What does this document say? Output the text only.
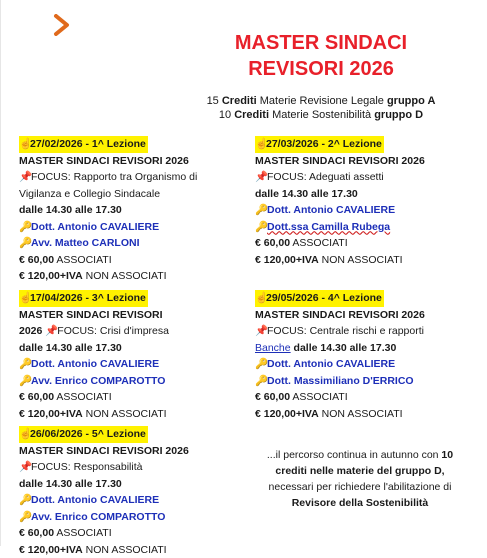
MASTER SINDACI
REVISORI 2026
15 Crediti Materie Revisione Legale gruppo A
10 Crediti Materie Sostenibilità gruppo D
☝27/02/2026 - 1^ Lezione
MASTER SINDACI REVISORI 2026
📌FOCUS: Rapporto tra Organismo di Vigilanza e Collegio Sindacale
dalle 14.30 alle 17.30
🔑Dott. Antonio CAVALIERE
🔑Avv. Matteo CARLONI
€ 60,00 ASSOCIATI
€ 120,00+IVA NON ASSOCIATI
☝27/03/2026 - 2^ Lezione
MASTER SINDACI REVISORI 2026
📌FOCUS: Adeguati assetti
dalle 14.30 alle 17.30
🔑Dott. Antonio CAVALIERE
🔑Dott.ssa Camilla Rubega
€ 60,00 ASSOCIATI
€ 120,00+IVA NON ASSOCIATI
☝17/04/2026 - 3^ Lezione
MASTER SINDACI REVISORI
2026 📌FOCUS: Crisi d'impresa
dalle 14.30 alle 17.30
🔑Dott. Antonio CAVALIERE
🔑Avv. Enrico COMPAROTTO
€ 60,00 ASSOCIATI
€ 120,00+IVA NON ASSOCIATI
☝29/05/2026 - 4^ Lezione
MASTER SINDACI REVISORI 2026
📌FOCUS: Centrale rischi e rapporti
Banche dalle 14.30 alle 17.30
🔑Dott. Antonio CAVALIERE
🔑Dott. Massimiliano D'ERRICO
€ 60,00 ASSOCIATI
€ 120,00+IVA NON ASSOCIATI
☝26/06/2026 - 5^ Lezione
MASTER SINDACI REVISORI 2026
📌FOCUS: Responsabilità
dalle 14.30 alle 17.30
🔑Dott. Antonio CAVALIERE
🔑Avv. Enrico COMPAROTTO
€ 60,00 ASSOCIATI
€ 120,00+IVA NON ASSOCIATI
...il percorso continua in autunno con 10 crediti nelle materie del gruppo D, necessari per richiedere l'abilitazione di Revisore della Sostenibilità
